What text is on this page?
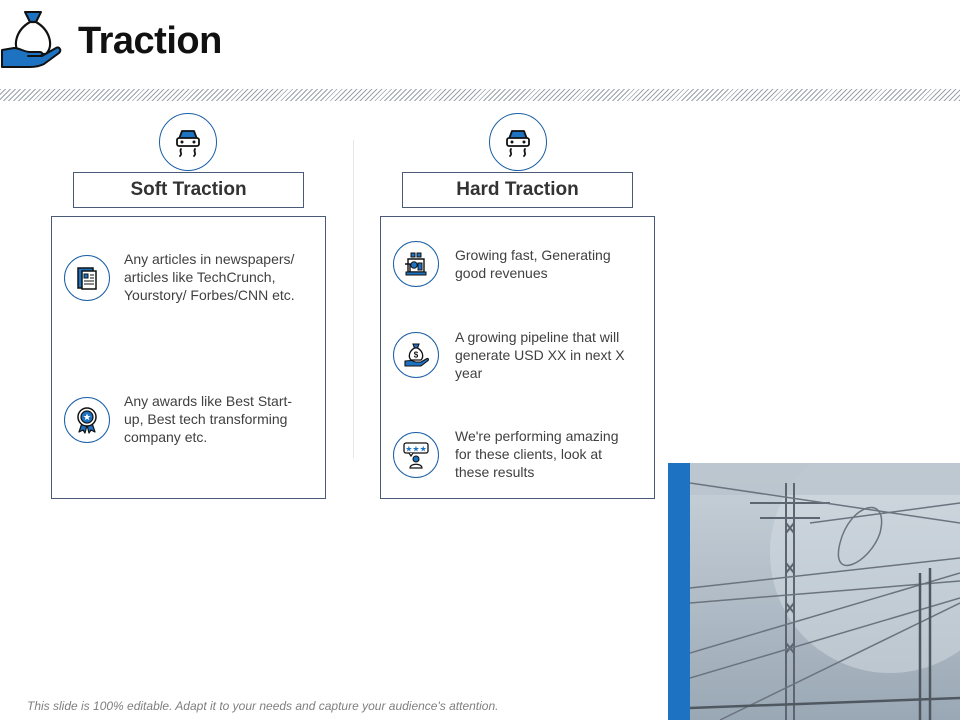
Traction
Soft Traction	Hard Traction
Any articles in newspapers/ articles like TechCrunch, Yourstory/ Forbes/CNN etc.
Any awards like Best Start-up, Best tech transforming company etc.
Growing fast, Generating good revenues
$
A growing pipeline that will generate USD XX in next X year
★★★
We're performing amazing for these clients, look at these results
This slide is 100% editable. Adapt it to your needs and capture your audience's attention.
